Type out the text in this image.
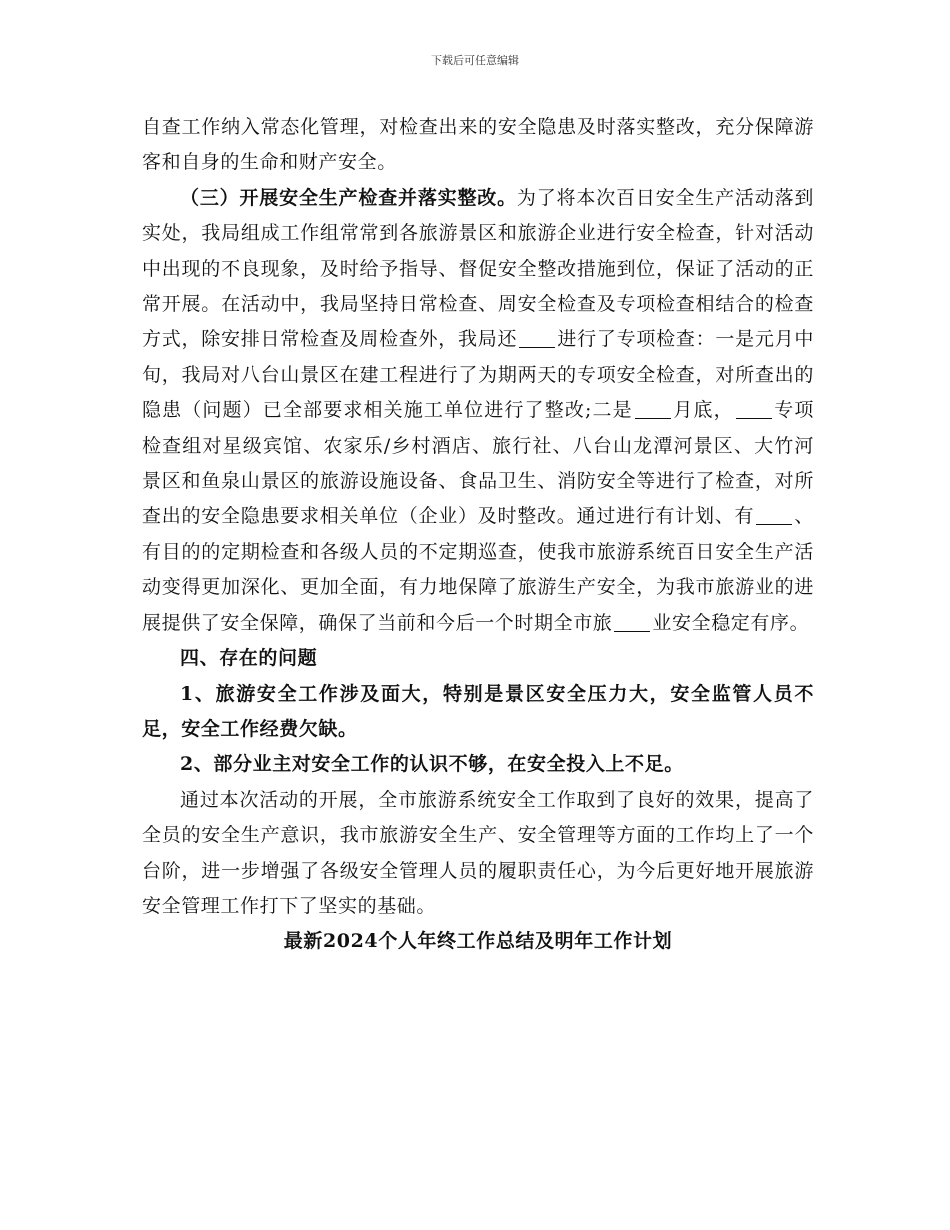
下载后可任意编辑

自查工作纳入常态化管理，对检查出来的安全隐患及时落实整改，充分保障游客和自身的生命和财产安全。

（三）开展安全生产检查并落实整改。为了将本次百日安全生产活动落到实处，我局组成工作组常常到各旅游景区和旅游企业进行安全检查，针对活动中出现的不良现象，及时给予指导、督促安全整改措施到位，保证了活动的正常开展。在活动中，我局坚持日常检查、周安全检查及专项检查相结合的检查方式，除安排日常检查及周检查外，我局还 进行了专项检查：一是元月中旬，我局对八台山景区在建工程进行了为期两天的专项安全检查，对所查出的隐患（问题）已全部要求相关施工单位进行了整改;二是 月底， 专项检查组对星级宾馆、农家乐/乡村酒店、旅行社、八台山龙潭河景区、大竹河景区和鱼泉山景区的旅游设施设备、食品卫生、消防安全等进行了检查，对所查出的安全隐患要求相关单位（企业）及时整改。通过进行有计划、有 、有目的的定期检查和各级人员的不定期巡查，使我市旅游系统百日安全生产活动变得更加深化、更加全面，有力地保障了旅游生产安全，为我市旅游业的进展提供了安全保障，确保了当前和今后一个时期全市旅 业安全稳定有序。

四、存在的问题

1、旅游安全工作涉及面大，特别是景区安全压力大，安全监管人员不足，安全工作经费欠缺。

2、部分业主对安全工作的认识不够，在安全投入上不足。

通过本次活动的开展，全市旅游系统安全工作取到了良好的效果，提高了全员的安全生产意识，我市旅游安全生产、安全管理等方面的工作均上了一个台阶，进一步增强了各级安全管理人员的履职责任心，为今后更好地开展旅游安全管理工作打下了坚实的基础。

最新2024个人年终工作总结及明年工作计划
